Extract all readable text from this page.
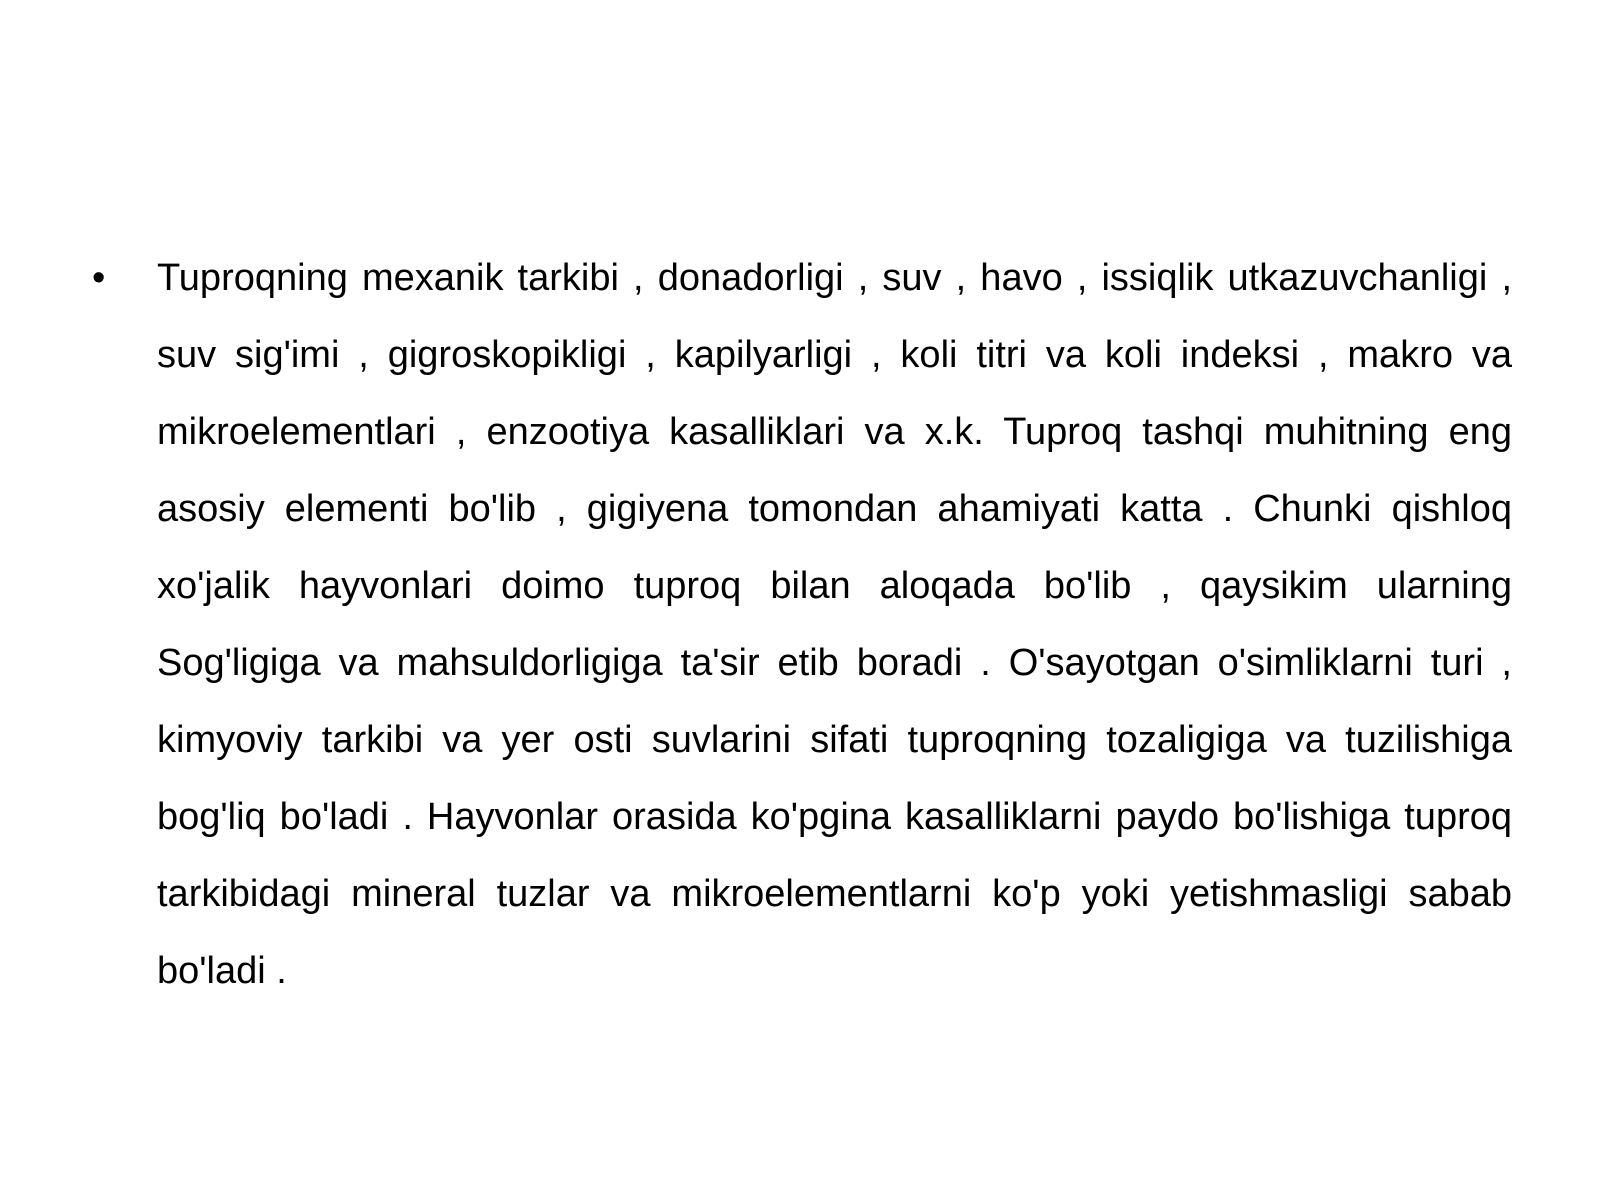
•	Tuproqning mexanik tarkibi , donadorligi , suv , havo , issiqlik utkazuvchanligi , suv sig'imi , gigroskopikligi , kapilyarligi , koli titri va koli indeksi , makro va mikroelementlari , enzootiya kasalliklari va x.k. Tuproq tashqi muhitning eng asosiy elementi bo'lib , gigiyena tomondan ahamiyati katta . Chunki qishloq xo'jalik hayvonlari doimo tuproq bilan aloqada bo'lib , qaysikim ularning Sog'ligiga va mahsuldorligiga ta'sir etib boradi . O'sayotgan o'simliklarni turi , kimyoviy tarkibi va yer osti suvlarini sifati tuproqning tozaligiga va tuzilishiga bog'liq bo'ladi . Hayvonlar orasida ko'pgina kasalliklarni paydo bo'lishiga tuproq tarkibidagi mineral tuzlar va mikroelementlarni ko'p yoki yetishmasligi sabab bo'ladi .
